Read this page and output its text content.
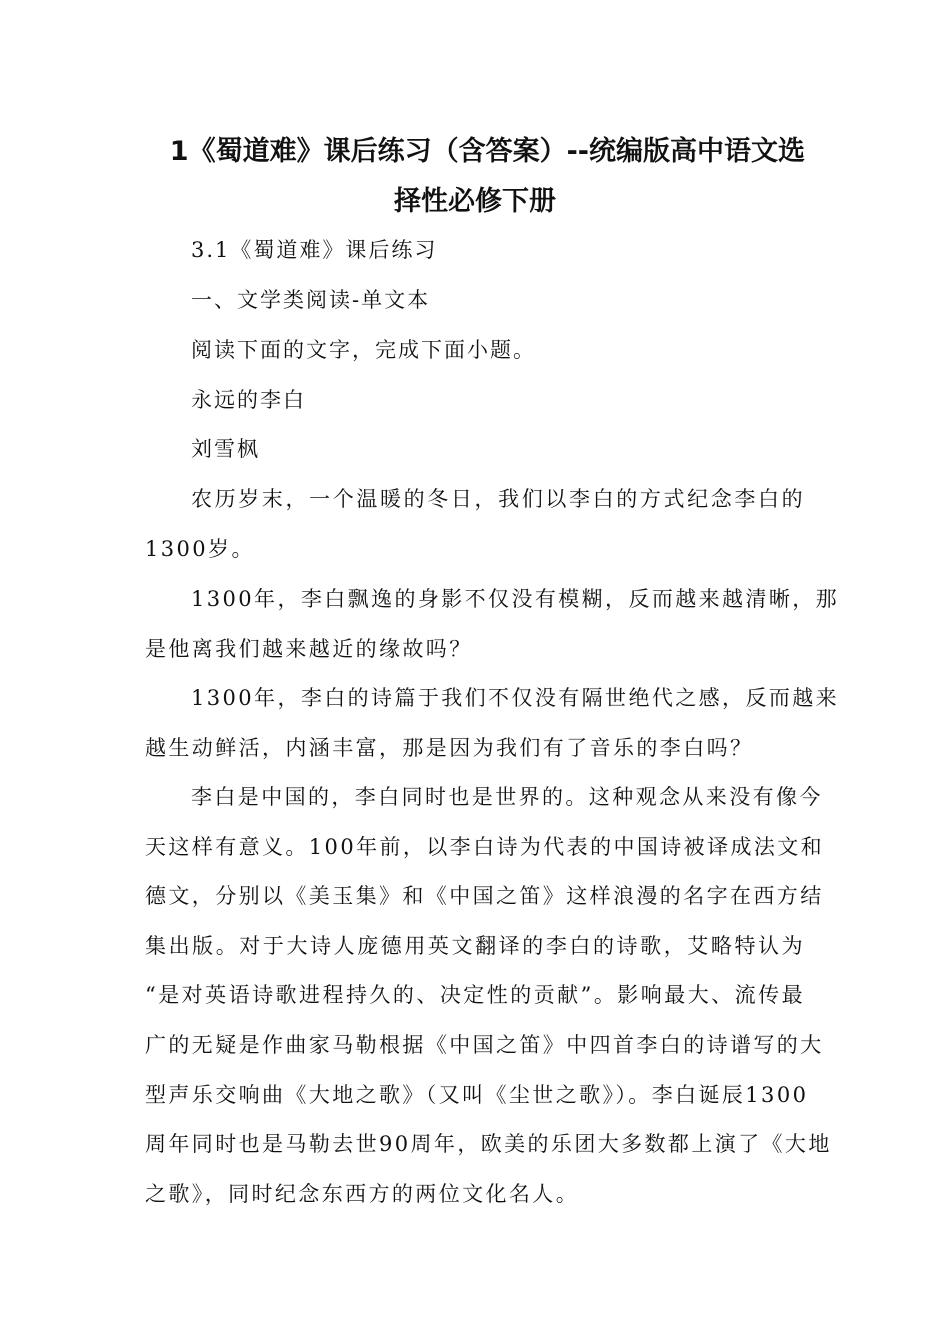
1《蜀道难》课后练习（含答案）--统编版高中语文选
择性必修下册

3.1《蜀道难》课后练习

一、文学类阅读-单文本

阅读下面的文字，完成下面小题。

永远的李白

刘雪枫

农历岁末，一个温暖的冬日，我们以李白的方式纪念李白的
1300岁。
1300年，李白飘逸的身影不仅没有模糊，反而越来越清晰，那
是他离我们越来越近的缘故吗？
1300年，李白的诗篇于我们不仅没有隔世绝代之感，反而越来
越生动鲜活，内涵丰富，那是因为我们有了音乐的李白吗？
李白是中国的，李白同时也是世界的。这种观念从来没有像今
天这样有意义。100年前，以李白诗为代表的中国诗被译成法文和
德文，分别以《美玉集》和《中国之笛》这样浪漫的名字在西方结
集出版。对于大诗人庞德用英文翻译的李白的诗歌，艾略特认为
“是对英语诗歌进程持久的、决定性的贡献”。影响最大、流传最
广的无疑是作曲家马勒根据《中国之笛》中四首李白的诗谱写的大
型声乐交响曲《大地之歌》（又叫《尘世之歌》）。李白诞辰1300
周年同时也是马勒去世90周年，欧美的乐团大多数都上演了《大地
之歌》，同时纪念东西方的两位文化名人。
